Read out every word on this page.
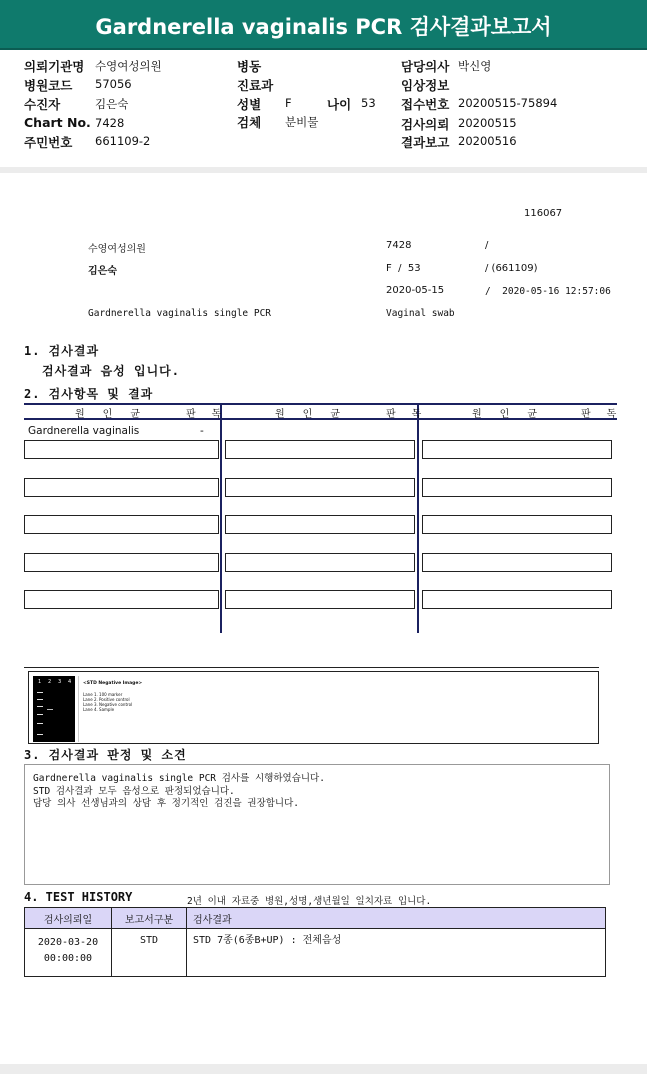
Gardnerella vaginalis PCR 검사결과보고서
의뢰기관명 수영여성의원
병원코드 57056
수진자	김은숙
Chart No. 7428
주민번호 661109-2
병동
진료과
성별 F	나이 53
검체 분비물
담당의사 박신영
임상정보
접수번호 20200515-75894
검사의뢰 20200515
결과보고 20200516
116067
수영여성의원	7428	/
김은숙	F  /  53	/ (661109)
2020-05-15	/  2020-05-16 12:57:06
Gardnerella vaginalis single PCR	Vaginal swab
1. 검사결과
검사결과 음성 입니다.
2. 검사항목 및 결과
원 인 균	판 독	원 인 균	판 독	원 인 균	판 독
Gardnerella vaginalis	-
1 2 3 4	<STD Negative Image>
Lane 1. 100 marker
Lane 2. Positive control
Lane 3. Negative control
Lane 4. Sample
3. 검사결과 판정 및 소견
Gardnerella vaginalis single PCR 검사를 시행하였습니다.
STD 검사결과 모두 음성으로 판정되었습니다.
담당 의사 선생님과의 상담 후 정기적인 검진을 권장합니다.
4. TEST HISTORY	2년 이내 자료중 병원,성명,생년월일 일치자료 입니다.
검사의뢰일	보고서구분	검사결과

2020-03-20
00:00:00	STD	STD 7종(6종B+UP) : 전체음성
